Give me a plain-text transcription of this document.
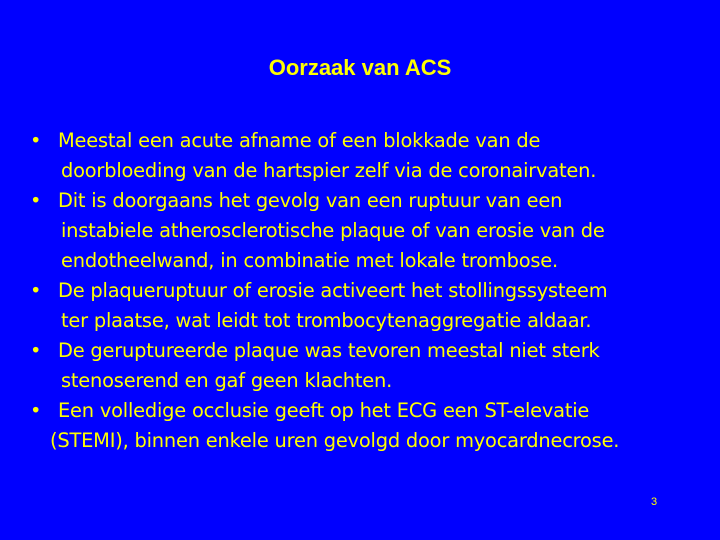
Oorzaak van ACS
• Meestal een acute afname of een blokkade van de
doorbloeding van de hartspier zelf via de coronairvaten.
• Dit is doorgaans het gevolg van een ruptuur van een
instabiele atherosclerotische plaque of van erosie van de
endotheelwand, in combinatie met lokale trombose.
• De plaqueruptuur of erosie activeert het stollingssysteem
ter plaatse, wat leidt tot trombocytenaggregatie aldaar.
• De geruptureerde plaque was tevoren meestal niet sterk
stenoserend en gaf geen klachten.
• Een volledige occlusie geeft op het ECG een ST-elevatie
(STEMI), binnen enkele uren gevolgd door myocardnecrose.
3
